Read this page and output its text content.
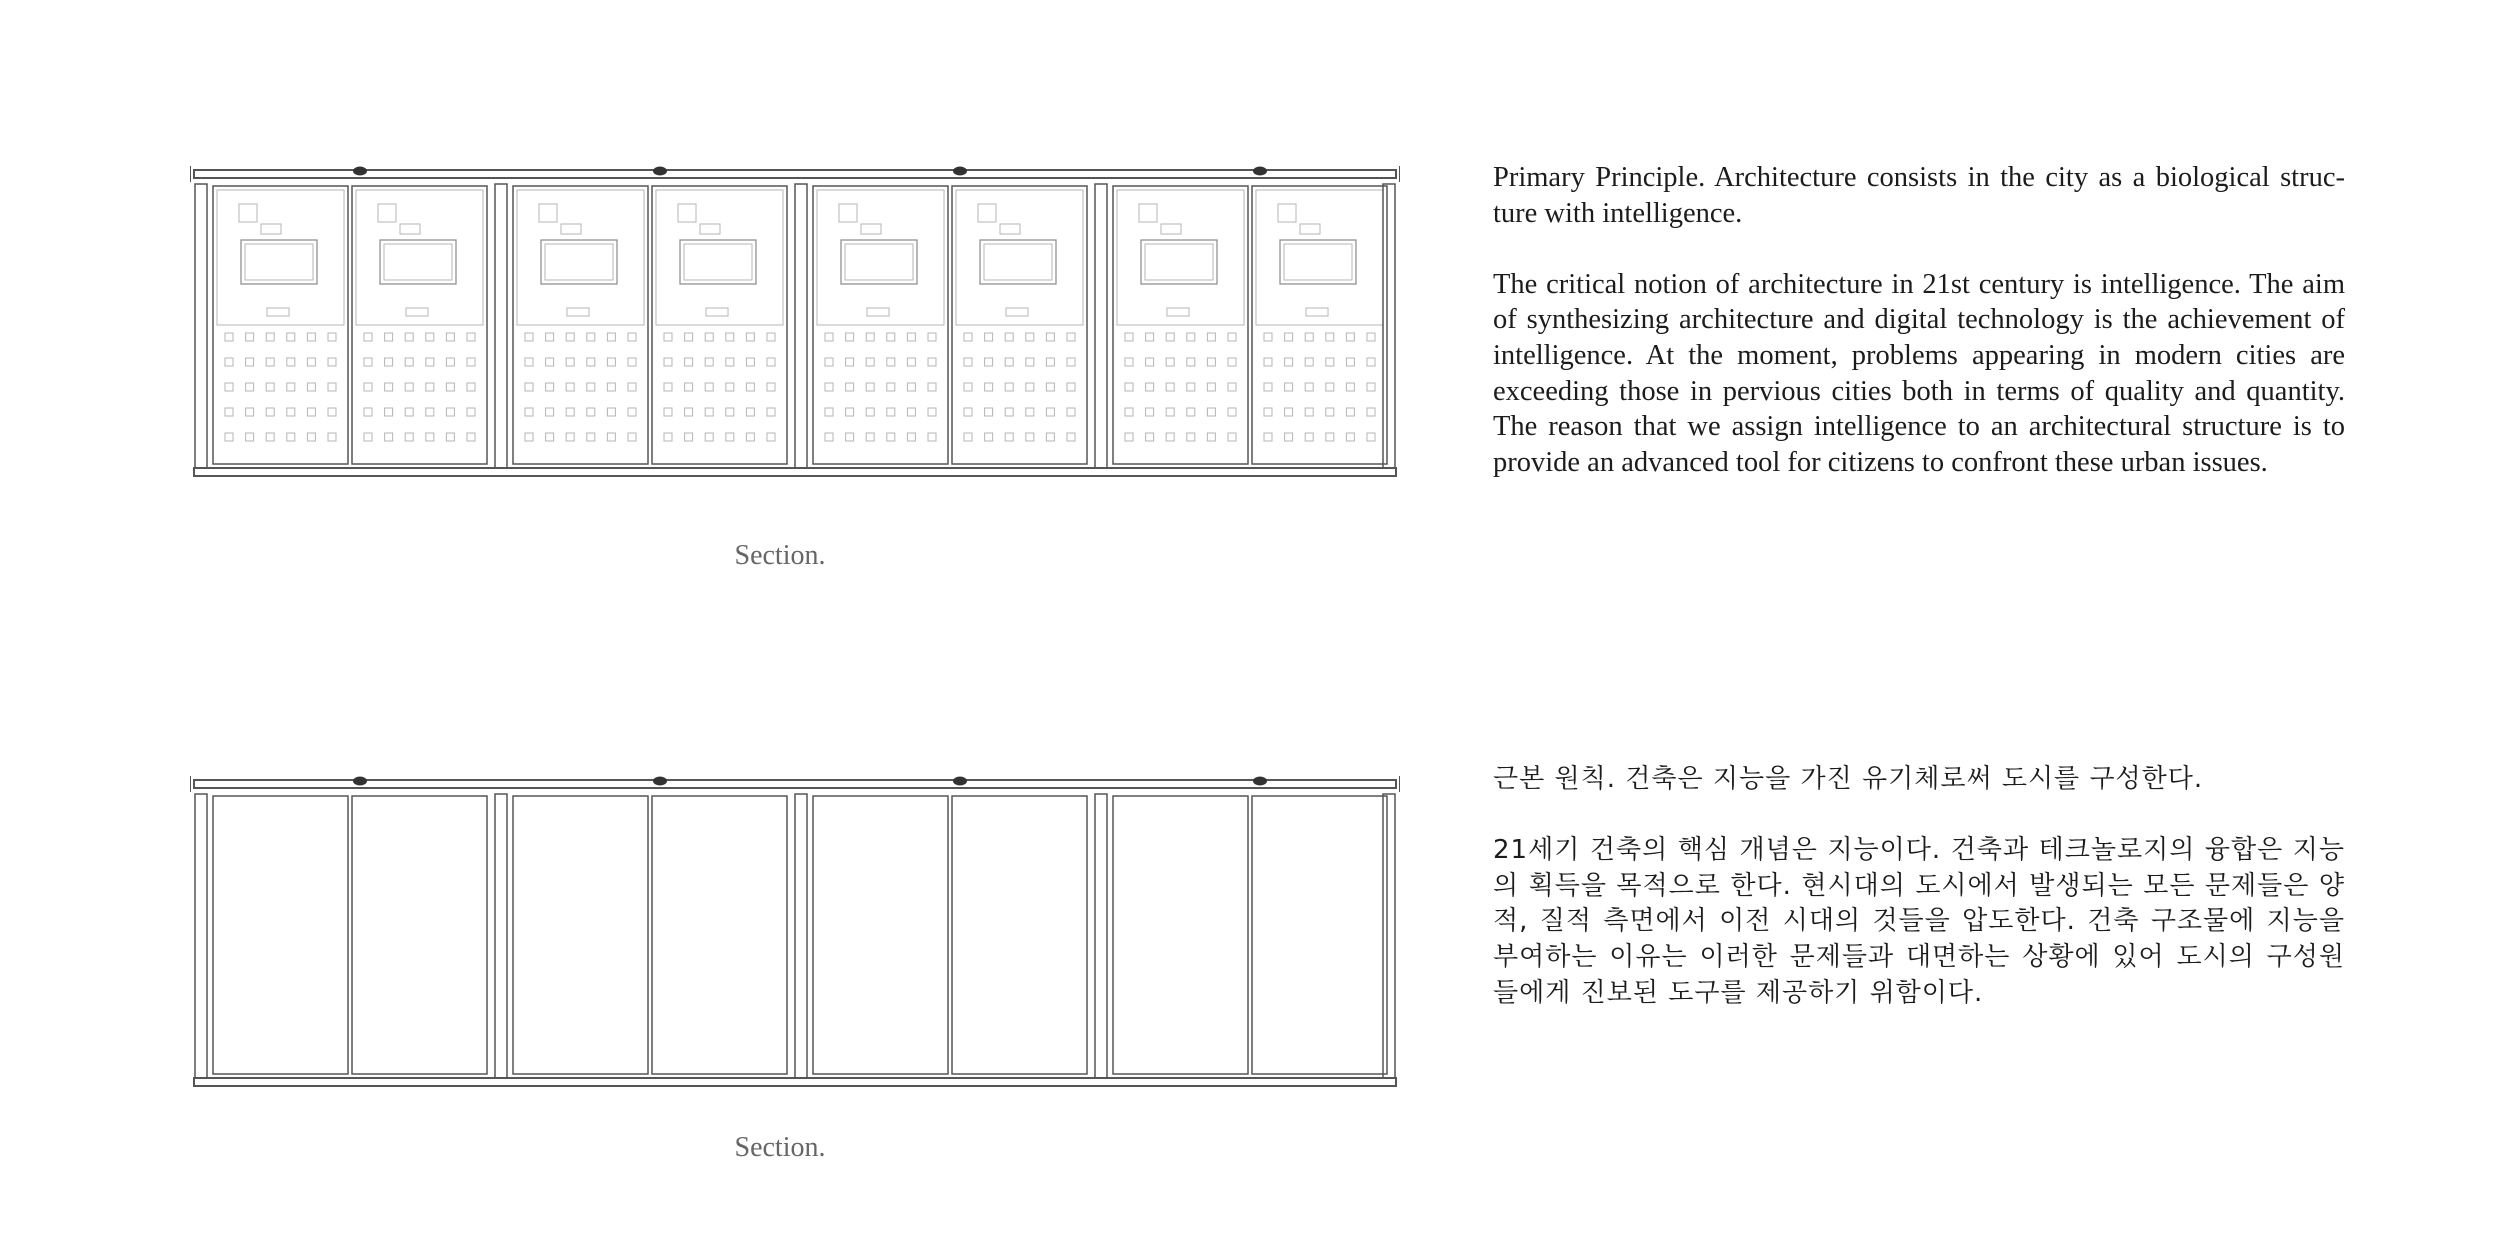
Section.

Primary Principle. Architecture consists in the city as a biological structure with intelligence.

The critical notion of architecture in 21st century is intelligence. The aim of synthesizing architecture and digital technology is the achievement of intelligence. At the moment, problems appearing in modern cities are exceeding those in pervious cities both in terms of quality and quantity. The reason that we assign intelligence to an architectural structure is to provide an advanced tool for citizens to confront these urban issues.

Section.

근본 원칙. 건축은 지능을 가진 유기체로써 도시를 구성한다.

21세기 건축의 핵심 개념은 지능이다. 건축과 테크놀로지의 융합은 지능의 획득을 목적으로 한다. 현시대의 도시에서 발생되는 모든 문제들은 양적, 질적 측면에서 이전 시대의 것들을 압도한다. 건축 구조물에 지능을 부여하는 이유는 이러한 문제들과 대면하는 상황에 있어 도시의 구성원들에게 진보된 도구를 제공하기 위함이다.
